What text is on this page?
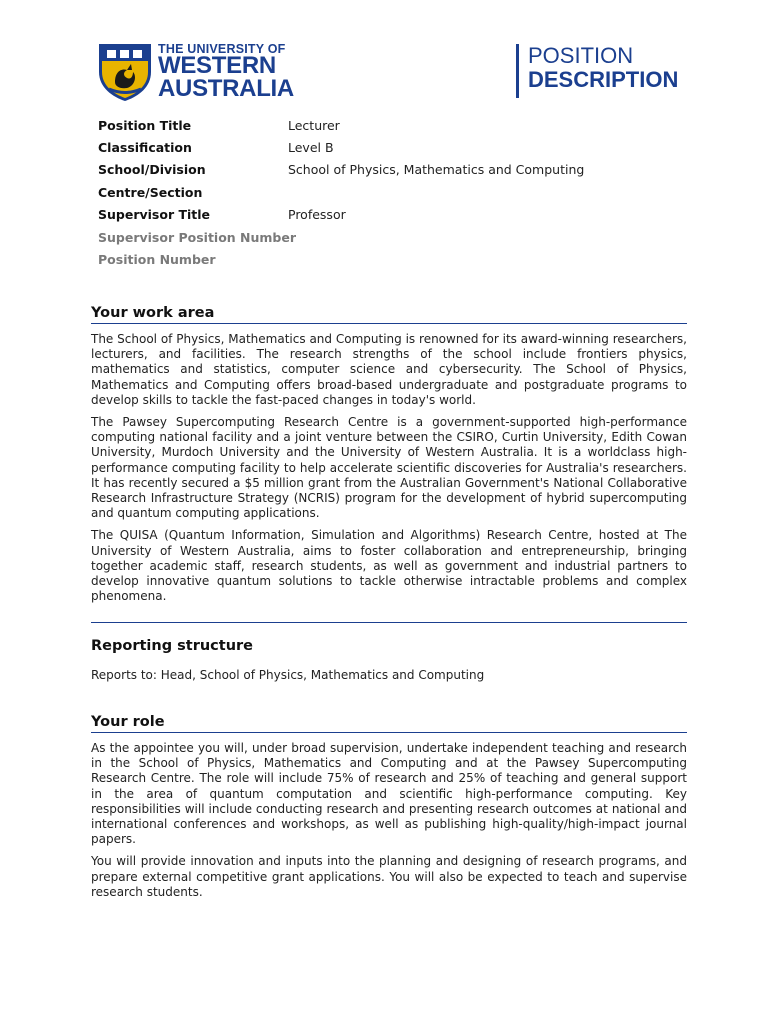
THE UNIVERSITY OF
WESTERN
AUSTRALIA
POSITION
DESCRIPTION
Position Title	Lecturer
Classification	Level B
School/Division	School of Physics, Mathematics and Computing
Centre/Section
Supervisor Title	Professor
Supervisor Position Number
Position Number
Your work area

The School of Physics, Mathematics and Computing is renowned for its award-winning researchers, lecturers, and facilities. The research strengths of the school include frontiers physics, mathematics and statistics, computer science and cybersecurity. The School of Physics, Mathematics and Computing offers broad-based undergraduate and postgraduate programs to develop skills to tackle the fast-paced changes in today's world.

The Pawsey Supercomputing Research Centre is a government-supported high-performance computing national facility and a joint venture between the CSIRO, Curtin University, Edith Cowan University, Murdoch University and the University of Western Australia. It is a worldclass high-performance computing facility to help accelerate scientific discoveries for Australia's researchers. It has recently secured a $5 million grant from the Australian Government's National Collaborative Research Infrastructure Strategy (NCRIS) program for the development of hybrid supercomputing and quantum computing applications.

The QUISA (Quantum Information, Simulation and Algorithms) Research Centre, hosted at The University of Western Australia, aims to foster collaboration and entrepreneurship, bringing together academic staff, research students, as well as government and industrial partners to develop innovative quantum solutions to tackle otherwise intractable problems and complex phenomena.

Reporting structure

Reports to: Head, School of Physics, Mathematics and Computing

Your role

As the appointee you will, under broad supervision, undertake independent teaching and research in the School of Physics, Mathematics and Computing and at the Pawsey Supercomputing Research Centre. The role will include 75% of research and 25% of teaching and general support in the area of quantum computation and scientific high-performance computing. Key responsibilities will include conducting research and presenting research outcomes at national and international conferences and workshops, as well as publishing high-quality/high-impact journal papers.

You will provide innovation and inputs into the planning and designing of research programs, and prepare external competitive grant applications. You will also be expected to teach and supervise research students.
